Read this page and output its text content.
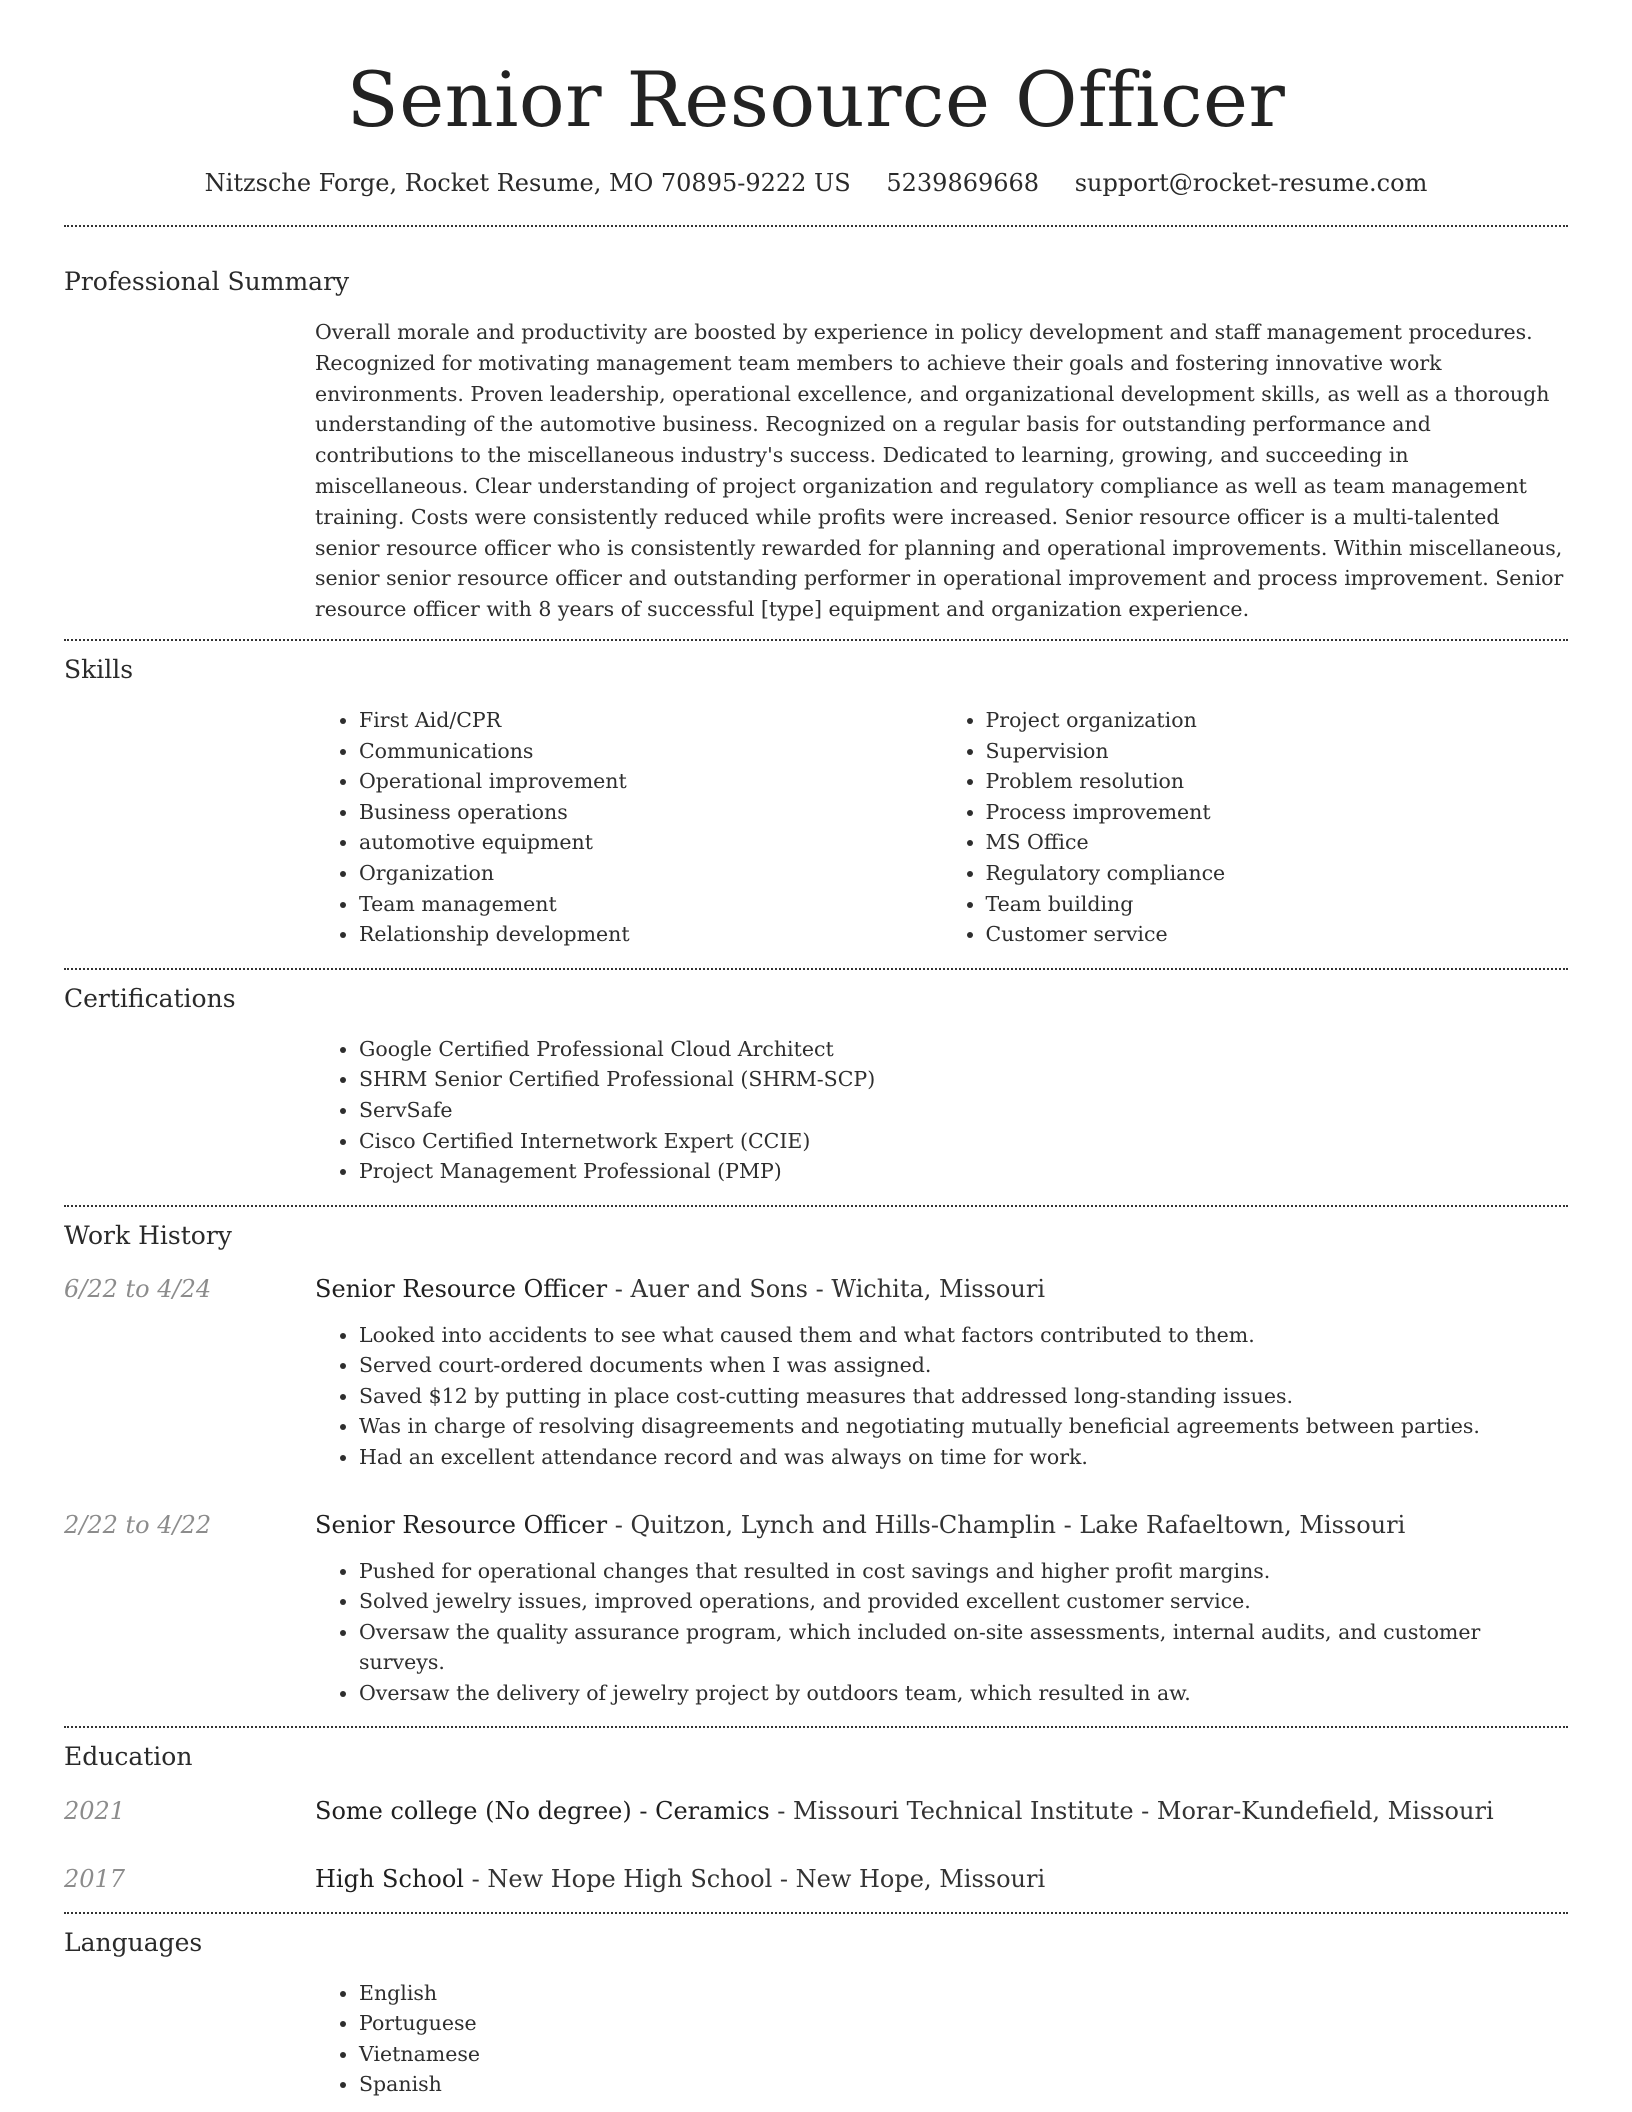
Senior Resource Officer
Nitzsche Forge, Rocket Resume, MO 70895-9222 US 5239869668 support@rocket-resume.com
Professional Summary

Overall morale and productivity are boosted by experience in policy development and staff management procedures. Recognized for motivating management team members to achieve their goals and fostering innovative work environments. Proven leadership, operational excellence, and organizational development skills, as well as a thorough understanding of the automotive business. Recognized on a regular basis for outstanding performance and contributions to the miscellaneous industry's success. Dedicated to learning, growing, and succeeding in miscellaneous. Clear understanding of project organization and regulatory compliance as well as team management training. Costs were consistently reduced while profits were increased. Senior resource officer is a multi-talented senior resource officer who is consistently rewarded for planning and operational improvements. Within miscellaneous, senior senior resource officer and outstanding performer in operational improvement and process improvement. Senior resource officer with 8 years of successful [type] equipment and organization experience.

Skills
• First Aid/CPR
• Communications
• Operational improvement
• Business operations
• automotive equipment
• Organization
• Team management
• Relationship development
• Project organization
• Supervision
• Problem resolution
• Process improvement
• MS Office
• Regulatory compliance
• Team building
• Customer service
Certifications
• Google Certified Professional Cloud Architect
• SHRM Senior Certified Professional (SHRM-SCP)
• ServSafe
• Cisco Certified Internetwork Expert (CCIE)
• Project Management Professional (PMP)
Work History
6/22 to 4/24	Senior Resource Officer - Auer and Sons - Wichita, Missouri
• Looked into accidents to see what caused them and what factors contributed to them.
• Served court-ordered documents when I was assigned.
• Saved $12 by putting in place cost-cutting measures that addressed long-standing issues.
• Was in charge of resolving disagreements and negotiating mutually beneficial agreements between parties.
• Had an excellent attendance record and was always on time for work.
2/22 to 4/22	Senior Resource Officer - Quitzon, Lynch and Hills-Champlin - Lake Rafaeltown, Missouri
• Pushed for operational changes that resulted in cost savings and higher profit margins.
• Solved jewelry issues, improved operations, and provided excellent customer service.
• Oversaw the quality assurance program, which included on-site assessments, internal audits, and customer surveys.
• Oversaw the delivery of jewelry project by outdoors team, which resulted in aw.
Education
2021	Some college (No degree) - Ceramics - Missouri Technical Institute - Morar-Kundefield, Missouri
2017	High School - New Hope High School - New Hope, Missouri
Languages
• English
• Portuguese
• Vietnamese
• Spanish
